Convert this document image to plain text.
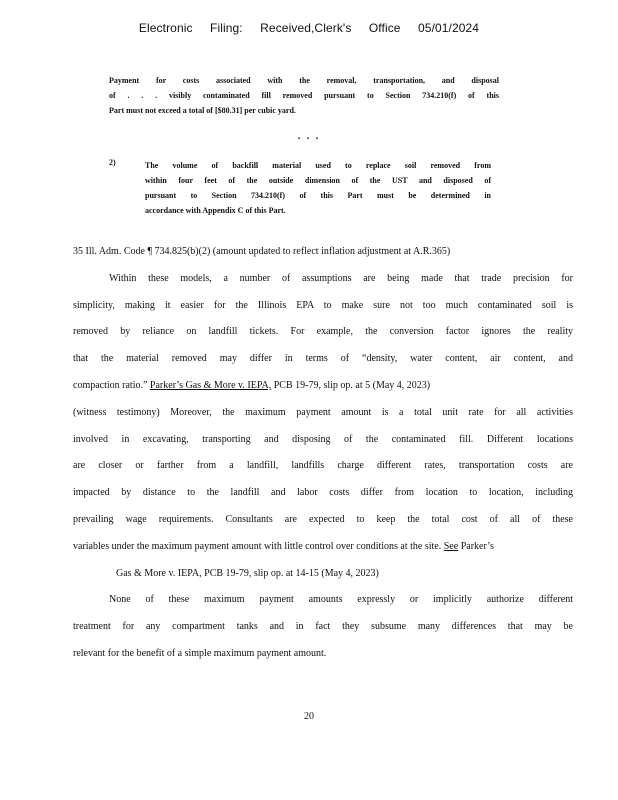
Electronic Filing: Received,Clerk's Office 05/01/2024
Payment for costs associated with the removal, transportation, and disposal
of . . . visibly contaminated fill removed pursuant to Section 734.210(f) of this
Part must not exceed a total of [$80.31] per cubic yard.
. . .
2)	The volume of backfill material used to replace soil removed from
within four feet of the outside dimension of the UST and disposed of
pursuant to Section 734.210(f) of this Part must be determined in
accordance with Appendix C of this Part.
35 Ill. Adm. Code ¶ 734.825(b)(2) (amount updated to reflect inflation adjustment at A.R.365)
Within these models, a number of assumptions are being made that trade precision for
simplicity, making it easier for the Illinois EPA to make sure not too much contaminated soil is
removed by reliance on landfill tickets. For example, the conversion factor ignores the reality
that the material removed may differ in terms of “density, water content, air content, and
compaction ratio.” Parker’s Gas & More v. IEPA, PCB 19-79, slip op. at 5 (May 4, 2023)
(witness testimony) Moreover, the maximum payment amount is a total unit rate for all activities
involved in excavating, transporting and disposing of the contaminated fill. Different locations
are closer or farther from a landfill, landfills charge different rates, transportation costs are
impacted by distance to the landfill and labor costs differ from location to location, including
prevailing wage requirements. Consultants are expected to keep the total cost of all of these
variables under the maximum payment amount with little control over conditions at the site. See Parker’s
Gas & More v. IEPA, PCB 19-79, slip op. at 14-15 (May 4, 2023)
None of these maximum payment amounts expressly or implicitly authorize different
treatment for any compartment tanks and in fact they subsume many differences that may be
relevant for the benefit of a simple maximum payment amount.
20
